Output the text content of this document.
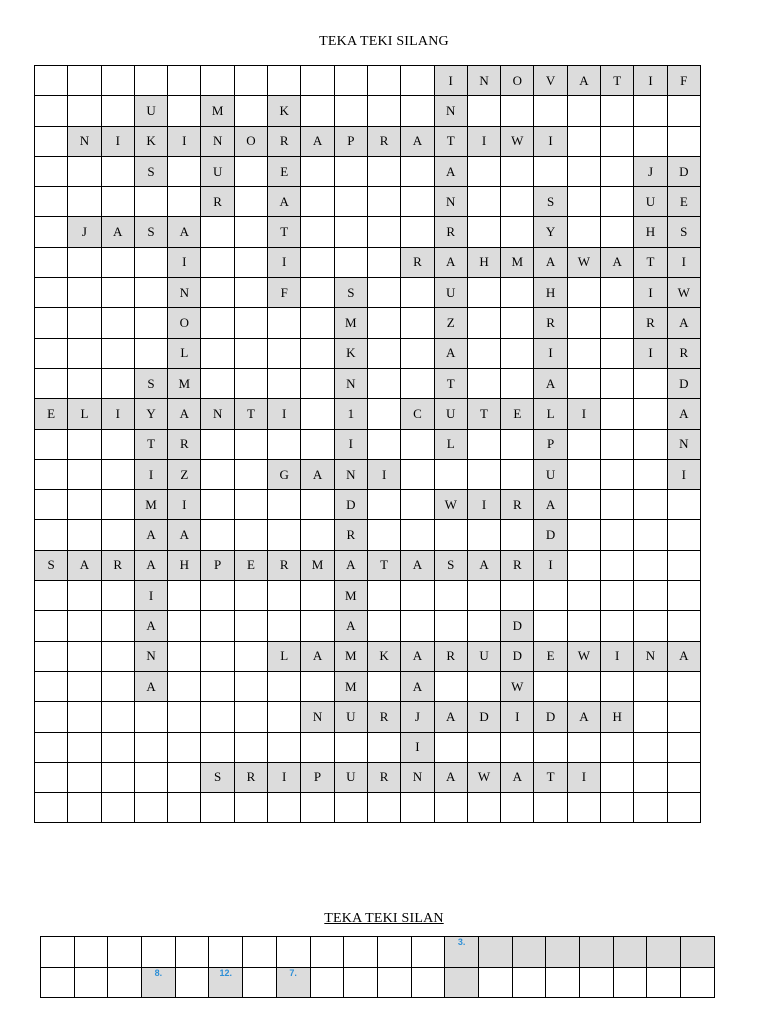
TEKA TEKI SILANG
												I	N	O	V	A	T	I	F
			U		M		K					N							
	N	I	K	I	N	O	R	A	P	R	A	T	I	W	I				
			S		U		E					A						J	D
					R		A					N			S			U	E
	J	A	S	A			T					R			Y			H	S
				I			I				R	A	H	M	A	W	A	T	I
				N			F		S			U			H			I	W
				O					M			Z			R			R	A
				L					K			A			I			I	R
			S	M					N			T			A				D
E	L	I	Y	A	N	T	I		1		C	U	T	E	L	I			A
			T	R					I			L			P				N
			I	Z			G	A	N	I					U				I
			M	I					D			W	I	R	A				
			A	A					R						D				
S	A	R	A	H	P	E	R	M	A	T	A	S	A	R	I				
			I						M										
			A						A					D					
			N				L	A	M	K	A	R	U	D	E	W	I	N	A
			A						M		A			W					
								N	U	R	J	A	D	I	D	A	H		
											I								
					S	R	I	P	U	R	N	A	W	A	T	I			

TEKA TEKI SILAN
												3.							
			8.		12.		7.												
